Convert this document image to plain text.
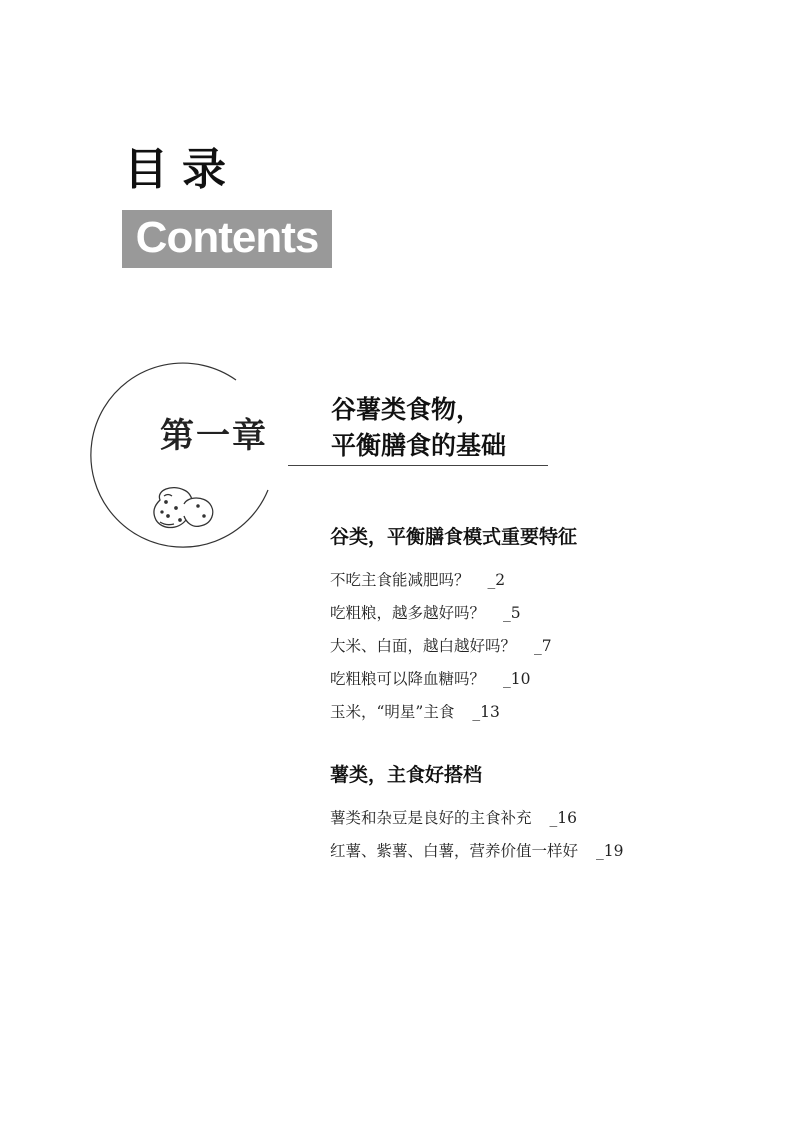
目录
Contents
第一章
谷薯类食物，
平衡膳食的基础
谷类，平衡膳食模式重要特征
不吃主食能减肥吗？ _2
吃粗粮，越多越好吗？ _5
大米、白面，越白越好吗？ _7
吃粗粮可以降血糖吗？ _10
玉米，“明星”主食 _13
薯类，主食好搭档
薯类和杂豆是良好的主食补充 _16
红薯、紫薯、白薯，营养价值一样好 _19
